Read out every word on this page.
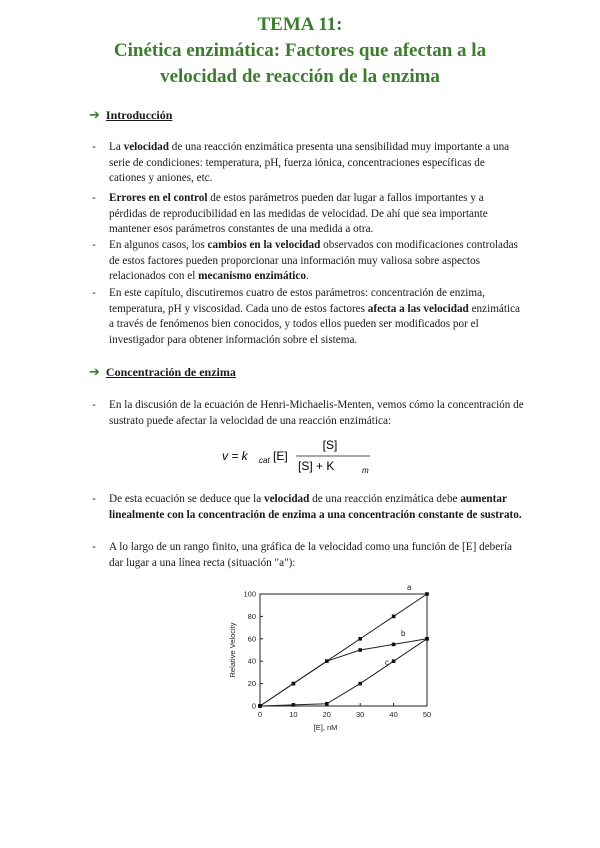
TEMA 11:
Cinética enzimática: Factores que afectan a la
velocidad de reacción de la enzima
➔ Introducción
- La velocidad de una reacción enzimática presenta una sensibilidad muy importante a una serie de condiciones: temperatura, pH, fuerza iónica, concentraciones específicas de cationes y aniones, etc.
- Errores en el control de estos parámetros pueden dar lugar a fallos importantes y a pérdidas de reproducibilidad en las medidas de velocidad. De ahí que sea importante mantener esos parámetros constantes de una medida a otra.
- En algunos casos, los cambios en la velocidad observados con modificaciones controladas de estos factores pueden proporcionar una información muy valiosa sobre aspectos relacionados con el mecanismo enzimático.
- En este capítulo, discutiremos cuatro de estos parámetros: concentración de enzima, temperatura, pH y viscosidad. Cada uno de estos factores afecta a las velocidad enzimática a través de fenómenos bien conocidos, y todos ellos pueden ser modificados por el investigador para obtener información sobre el sistema.
➔ Concentración de enzima
- En la discusión de la ecuación de Henri-Michaelis-Menten, vemos cómo la concentración de sustrato puede afectar la velocidad de una reacción enzimática:
v = k cat [E]
[S]
[S] + K	m
- De esta ecuación se deduce que la velocidad de una reacción enzimática debe aumentar linealmente con la concentración de enzima a una concentración constante de sustrato.
- A lo largo de un rango finito, una gráfica de la velocidad como una función de [E] debería dar lugar a una línea recta (situación "a"):
0	10	20	30	40	50
0
20
40
60
80
100
[E], nM
Relative Velocity
a
b
c
